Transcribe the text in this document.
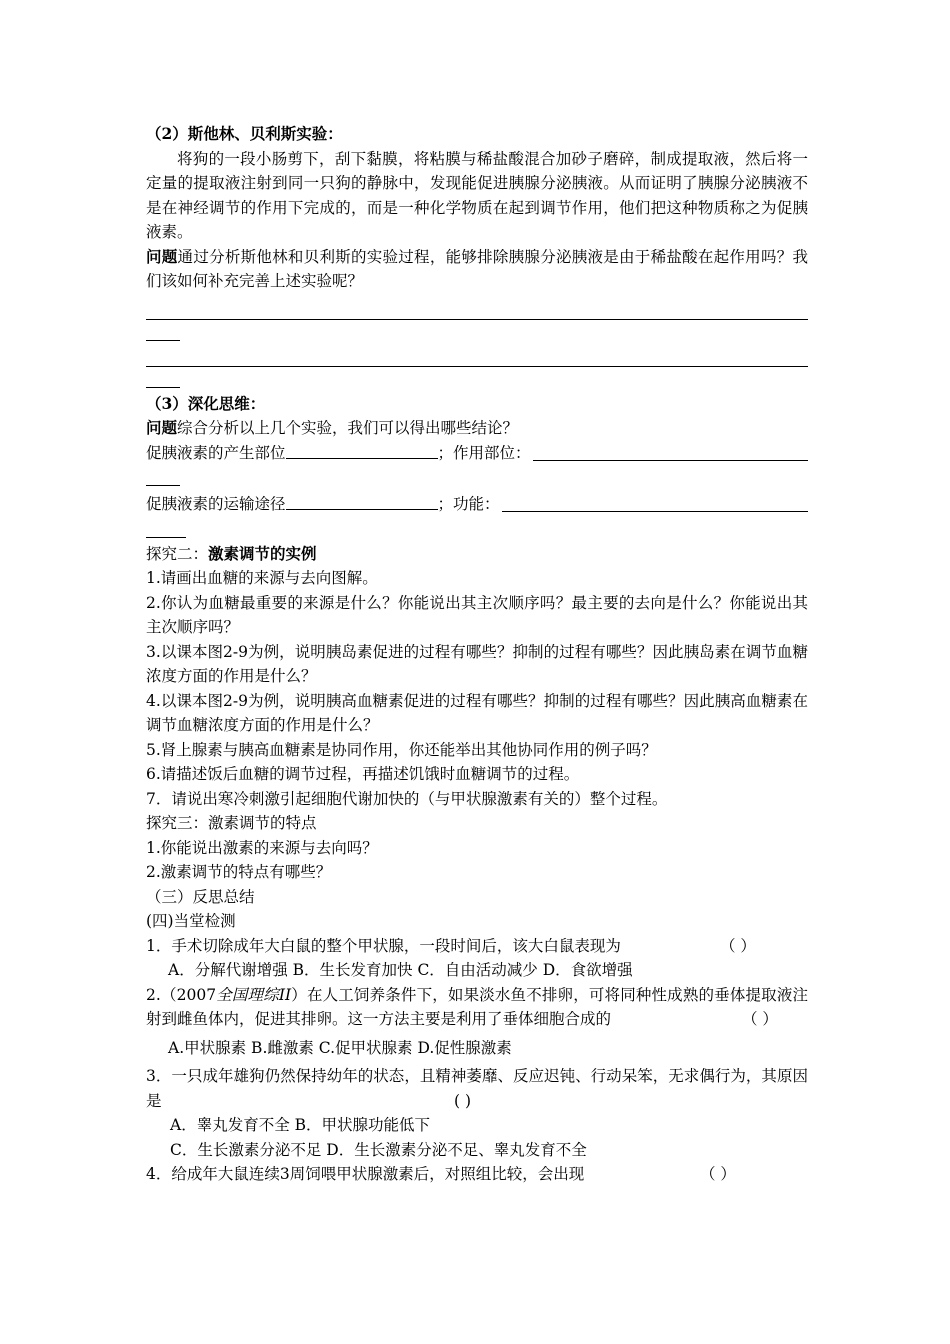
（2）斯他林、贝利斯实验：
将狗的一段小肠剪下，刮下黏膜，将粘膜与稀盐酸混合加砂子磨碎，制成提取液，然后将一定量的提取液注射到同一只狗的静脉中，发现能促进胰腺分泌胰液。从而证明了胰腺分泌胰液不是在神经调节的作用下完成的，而是一种化学物质在起到调节作用，他们把这种物质称之为促胰液素。
问题通过分析斯他林和贝利斯的实验过程，能够排除胰腺分泌胰液是由于稀盐酸在起作用吗？我们该如何补充完善上述实验呢？
（3）深化思维：
问题综合分析以上几个实验，我们可以得出哪些结论？
促胰液素的产生部位	；作用部位：
促胰液素的运输途径	；功能：
探究二：激素调节的实例
1.请画出血糖的来源与去向图解。
2.你认为血糖最重要的来源是什么？你能说出其主次顺序吗？最主要的去向是什么？你能说出其主次顺序吗？
3.以课本图2-9为例，说明胰岛素促进的过程有哪些？抑制的过程有哪些？因此胰岛素在调节血糖浓度方面的作用是什么？
4.以课本图2-9为例，说明胰高血糖素促进的过程有哪些？抑制的过程有哪些？因此胰高血糖素在调节血糖浓度方面的作用是什么？
5.肾上腺素与胰高血糖素是协同作用，你还能举出其他协同作用的例子吗？
6.请描述饭后血糖的调节过程，再描述饥饿时血糖调节的过程。
7．请说出寒冷刺激引起细胞代谢加快的（与甲状腺激素有关的）整个过程。
探究三：激素调节的特点
1.你能说出激素的来源与去向吗？
2.激素调节的特点有哪些？
（三）反思总结
(四)当堂检测
1．手术切除成年大白鼠的整个甲状腺，一段时间后，该大白鼠表现为	（ ）
A．分解代谢增强 B．生长发育加快 C．自由活动减少 D．食欲增强
2.（2007全国理综II）在人工饲养条件下，如果淡水鱼不排卵，可将同种性成熟的垂体提取液注射到雌鱼体内，促进其排卵。这一方法主要是利用了垂体细胞合成的	（ ）
A.甲状腺素 B.雌激素 C.促甲状腺素 D.促性腺激素
3．一只成年雄狗仍然保持幼年的状态，且精神萎靡、反应迟钝、行动呆笨，无求偶行为，其原因是	( )
A．睾丸发育不全 B．甲状腺功能低下
C．生长激素分泌不足 D．生长激素分泌不足、睾丸发育不全
4．给成年大鼠连续3周饲喂甲状腺激素后，对照组比较，会出现	（ ）
